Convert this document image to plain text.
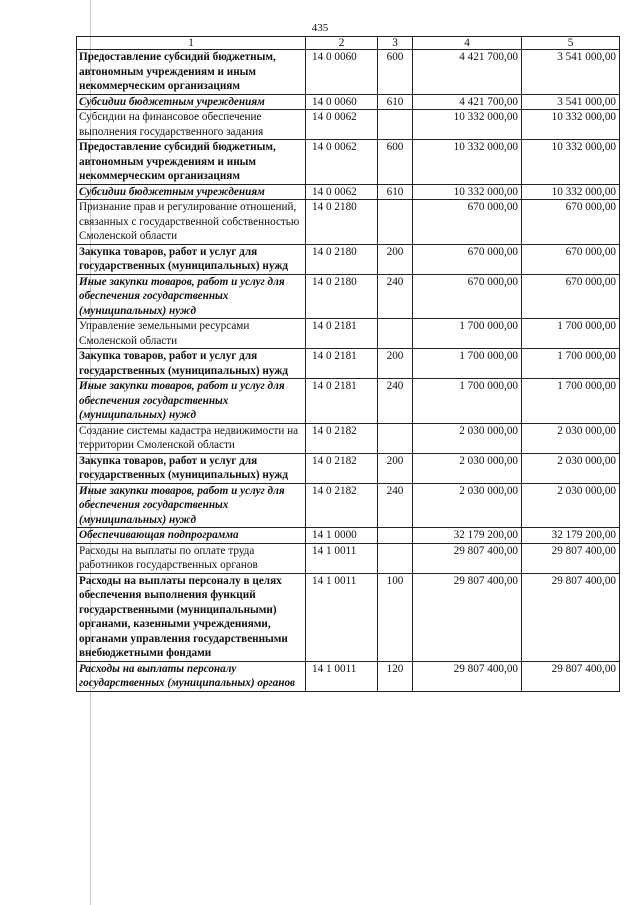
435
1	2	3	4	5
Предоставление субсидий бюджетным, автономным учреждениям и иным некоммерческим организациям	14 0 0060	600	4 421 700,00	3 541 000,00
Субсидии бюджетным учреждениям	14 0 0060	610	4 421 700,00	3 541 000,00
Субсидии на финансовое обеспечение выполнения государственного задания	14 0 0062		10 332 000,00	10 332 000,00
Предоставление субсидий бюджетным, автономным учреждениям и иным некоммерческим организациям	14 0 0062	600	10 332 000,00	10 332 000,00
Субсидии бюджетным учреждениям	14 0 0062	610	10 332 000,00	10 332 000,00
Признание прав и регулирование отношений, связанных с государственной собственностью Смоленской области	14 0 2180		670 000,00	670 000,00
Закупка товаров, работ и услуг для государственных (муниципальных) нужд	14 0 2180	200	670 000,00	670 000,00
Иные закупки товаров, работ и услуг для обеспечения государственных (муниципальных) нужд	14 0 2180	240	670 000,00	670 000,00
Управление земельными ресурсами Смоленской области	14 0 2181		1 700 000,00	1 700 000,00
Закупка товаров, работ и услуг для государственных (муниципальных) нужд	14 0 2181	200	1 700 000,00	1 700 000,00
Иные закупки товаров, работ и услуг для обеспечения государственных (муниципальных) нужд	14 0 2181	240	1 700 000,00	1 700 000,00
Создание системы кадастра недвижимости на территории Смоленской области	14 0 2182		2 030 000,00	2 030 000,00
Закупка товаров, работ и услуг для государственных (муниципальных) нужд	14 0 2182	200	2 030 000,00	2 030 000,00
Иные закупки товаров, работ и услуг для обеспечения государственных (муниципальных) нужд	14 0 2182	240	2 030 000,00	2 030 000,00
Обеспечивающая подпрограмма	14 1 0000		32 179 200,00	32 179 200,00
Расходы на выплаты по оплате труда работников государственных органов	14 1 0011		29 807 400,00	29 807 400,00
Расходы на выплаты персоналу в целях обеспечения выполнения функций государственными (муниципальными) органами, казенными учреждениями, органами управления государственными внебюджетными фондами	14 1 0011	100	29 807 400,00	29 807 400,00
Расходы на выплаты персоналу государственных (муниципальных) органов	14 1 0011	120	29 807 400,00	29 807 400,00
